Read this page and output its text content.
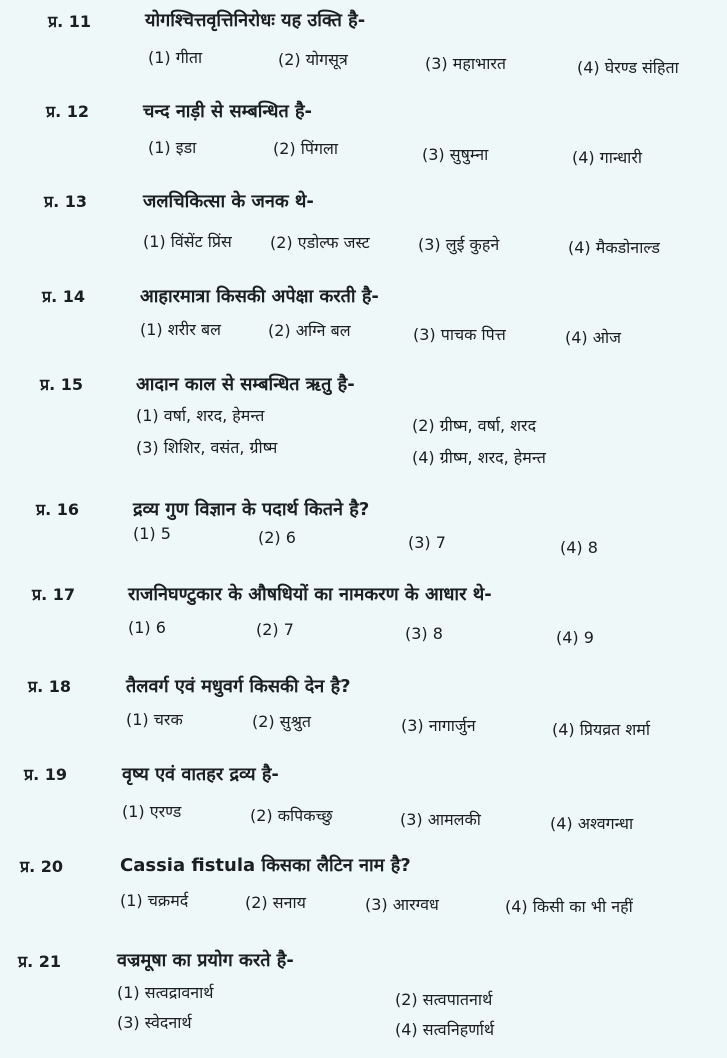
प्र. 11	योगश्चित्तवृत्तिनिरोधः यह उक्ति है-
(1) गीता	(2) योगसूत्र	(3) महाभारत	(4) घेरण्ड संहिता
प्र. 12	चन्द नाड़ी से सम्बन्धित है-
(1) इडा	(2) पिंगला	(3) सुषुम्ना	(4) गान्धारी
प्र. 13	जलचिकित्सा के जनक थे-
(1) विंसेंट प्रिंस (2) एडोल्फ जस्ट	(3) लुई कुहने	(4) मैकडोनाल्ड
प्र. 14	आहारमात्रा किसकी अपेक्षा करती है-
(1) शरीर बल	(2) अग्नि बल	(3) पाचक पित्त	(4) ओज
प्र. 15	आदान काल से सम्बन्धित ऋतु है-
(1) वर्षा, शरद, हेमन्त
(2) ग्रीष्म, वर्षा, शरद
(3) शिशिर, वसंत, ग्रीष्म
(4) ग्रीष्म, शरद, हेमन्त
प्र. 16	द्रव्य गुण विज्ञान के पदार्थ कितने है?
(1) 5	(2) 6	(3) 7	(4) 8
प्र. 17	राजनिघण्टुकार के औषधियों का नामकरण के आधार थे-
(1) 6	(2) 7	(3) 8	(4) 9
प्र. 18	तैलवर्ग एवं मधुवर्ग किसकी देन है?
(1) चरक	(2) सुश्रुत	(3) नागार्जुन	(4) प्रियव्रत शर्मा
प्र. 19	वृष्य एवं वातहर द्रव्य है-
(1) एरण्ड	(2) कपिकच्छु	(3) आमलकी	(4) अश्वगन्धा
प्र. 20	Cassia fistula किसका लैटिन नाम है?
(1) चक्रमर्द	(2) सनाय	(3) आरग्वध	(4) किसी का भी नहीं
प्र. 21	वज्रमूषा का प्रयोग करते है-
(1) सत्वद्रावनार्थ	(2) सत्वपातनार्थ
(3) स्वेदनार्थ	(4) सत्वनिहर्णार्थ
